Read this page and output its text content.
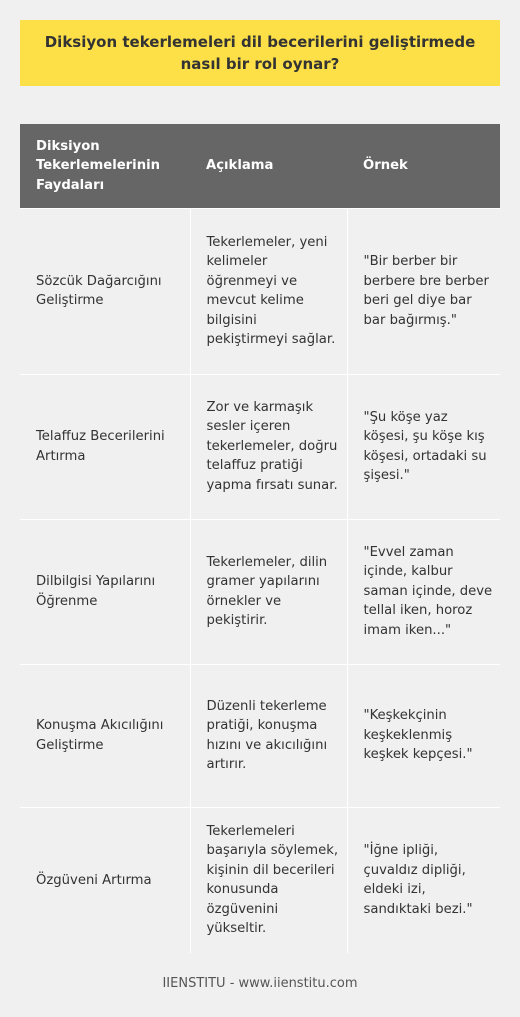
Diksiyon tekerlemeleri dil becerilerini geliştirmede nasıl bir rol oynar?
Diksiyon Tekerlemelerinin Faydaları	Açıklama	Örnek
Sözcük Dağarcığını Geliştirme	Tekerlemeler, yeni kelimeler öğrenmeyi ve mevcut kelime bilgisini pekiştirmeyi sağlar.	"Bir berber bir berbere bre berber beri gel diye bar bar bağırmış."
Telaffuz Becerilerini Artırma	Zor ve karmaşık sesler içeren tekerlemeler, doğru telaffuz pratiği yapma fırsatı sunar.	"Şu köşe yaz köşesi, şu köşe kış köşesi, ortadaki su şişesi."
Dilbilgisi Yapılarını Öğrenme	Tekerlemeler, dilin gramer yapılarını örnekler ve pekiştirir.	"Evvel zaman içinde, kalbur saman içinde, deve tellal iken, horoz imam iken..."
Konuşma Akıcılığını Geliştirme	Düzenli tekerleme pratiği, konuşma hızını ve akıcılığını artırır.	"Keşkekçinin keşkeklenmiş keşkek kepçesi."
Özgüveni Artırma	Tekerlemeleri başarıyla söylemek, kişinin dil becerileri konusunda özgüvenini yükseltir.	"İğne ipliği, çuvaldız dipliği, eldeki izi, sandıktaki bezi."
IIENSTITU - www.iienstitu.com
